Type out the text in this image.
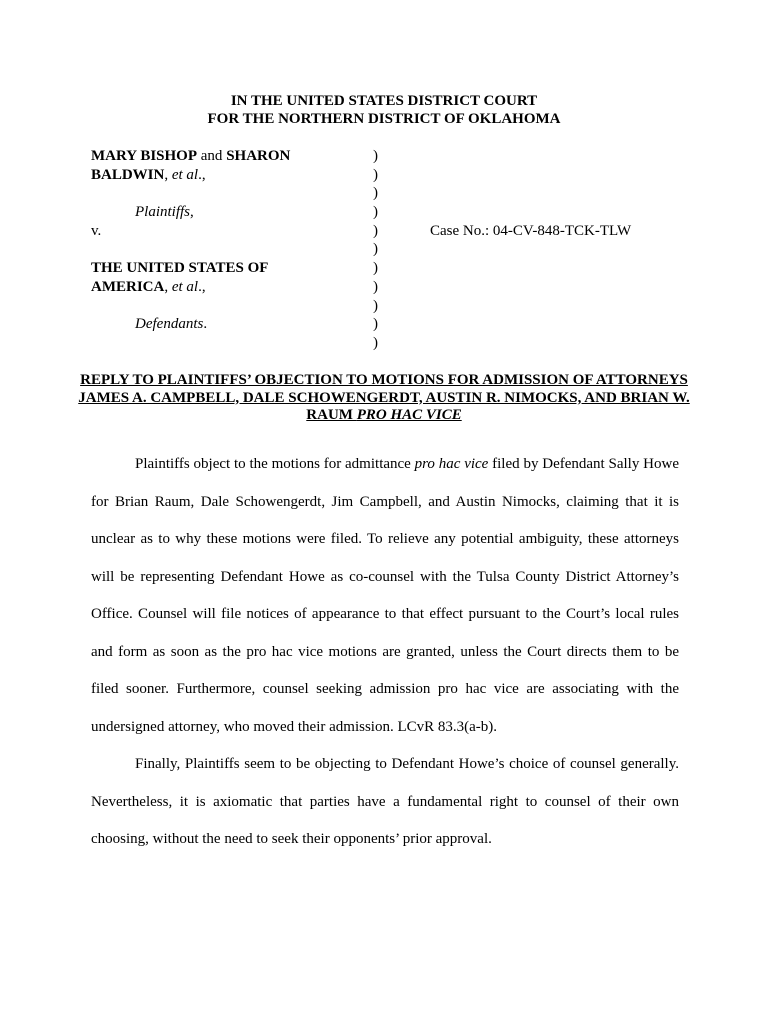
IN THE UNITED STATES DISTRICT COURT
FOR THE NORTHERN DISTRICT OF OKLAHOMA
MARY BISHOP and SHARON
BALDWIN, et al.,
Plaintiffs,
v.
THE UNITED STATES OF
AMERICA, et al.,
Defendants.
)
)
)
)
)
)
)
)
)
)
)
Case No.: 04-CV-848-TCK-TLW
REPLY TO PLAINTIFFS’ OBJECTION TO MOTIONS FOR ADMISSION OF ATTORNEYS JAMES A. CAMPBELL, DALE SCHOWENGERDT, AUSTIN R. NIMOCKS, AND BRIAN W. RAUM PRO HAC VICE

Plaintiffs object to the motions for admittance pro hac vice filed by Defendant Sally Howe for Brian Raum, Dale Schowengerdt, Jim Campbell, and Austin Nimocks, claiming that it is unclear as to why these motions were filed. To relieve any potential ambiguity, these attorneys will be representing Defendant Howe as co-counsel with the Tulsa County District Attorney’s Office. Counsel will file notices of appearance to that effect pursuant to the Court’s local rules and form as soon as the pro hac vice motions are granted, unless the Court directs them to be filed sooner. Furthermore, counsel seeking admission pro hac vice are associating with the undersigned attorney, who moved their admission. LCvR 83.3(a-b).

Finally, Plaintiffs seem to be objecting to Defendant Howe’s choice of counsel generally. Nevertheless, it is axiomatic that parties have a fundamental right to counsel of their own choosing, without the need to seek their opponents’ prior approval.
